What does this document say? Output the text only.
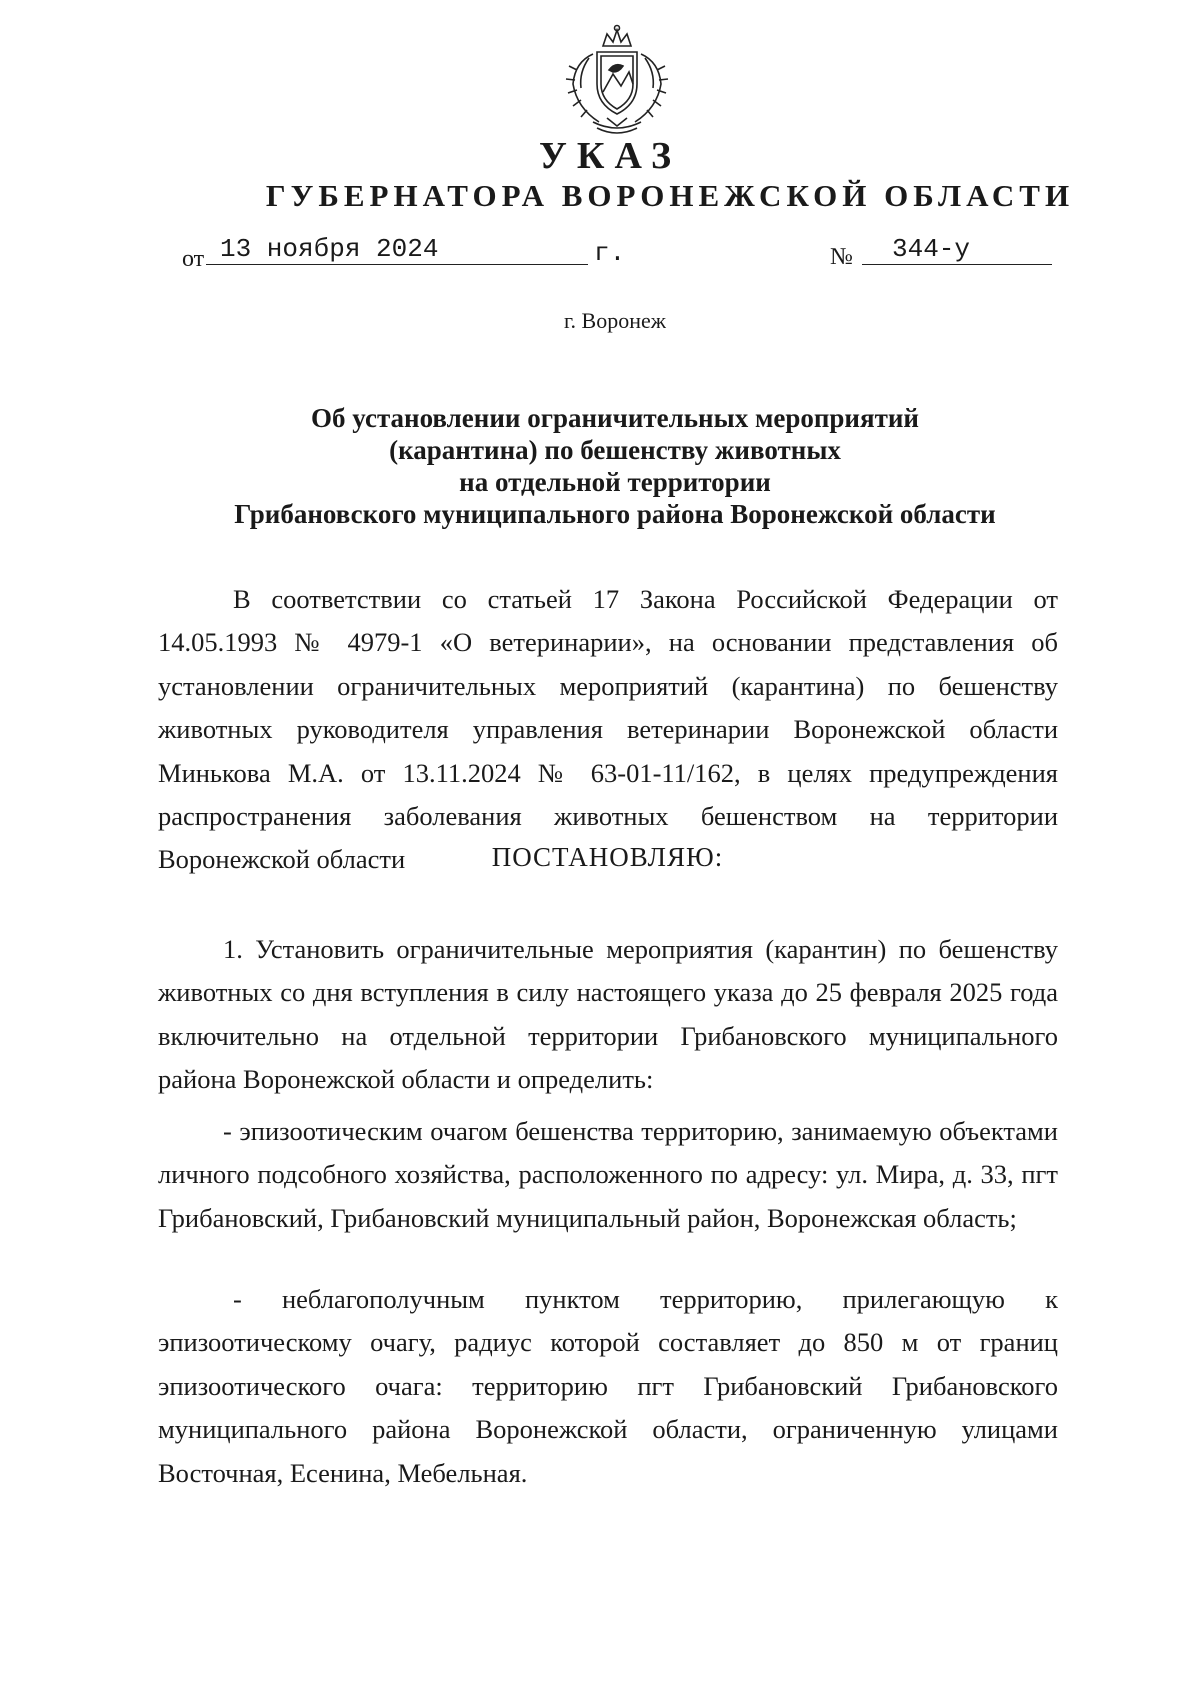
УКАЗ
ГУБЕРНАТОРА ВОРОНЕЖСКОЙ ОБЛАСТИ
от 13 ноября 2024	г.	№	344-у
г. Воронеж
Об установлении ограничительных мероприятий
(карантина) по бешенству животных
на отдельной территории
Грибановского муниципального района Воронежской области
В соответствии со статьей 17 Закона Российской Федерации от 14.05.1993 № 4979-1 «О ветеринарии», на основании представления об установлении ограничительных мероприятий (карантина) по бешенству животных руководителя управления ветеринарии Воронежской области Минькова М.А. от 13.11.2024 № 63-01-11/162, в целях предупреждения распространения заболевания животных бешенством на территории Воронежской области	ПОСТАНОВЛЯЮ:
1. Установить ограничительные мероприятия (карантин) по бешенству животных со дня вступления в силу настоящего указа до 25 февраля 2025 года включительно на отдельной территории Грибановского муниципального района Воронежской области и определить:
- эпизоотическим очагом бешенства территорию, занимаемую объектами личного подсобного хозяйства, расположенного по адресу: ул. Мира, д. 33, пгт Грибановский, Грибановский муниципальный район, Воронежская область;
- неблагополучным пунктом территорию, прилегающую к эпизоотическому очагу, радиус которой составляет до 850 м от границ эпизоотического очага: территорию пгт Грибановский Грибановского муниципального района Воронежской области, ограниченную улицами Восточная, Есенина, Мебельная.
